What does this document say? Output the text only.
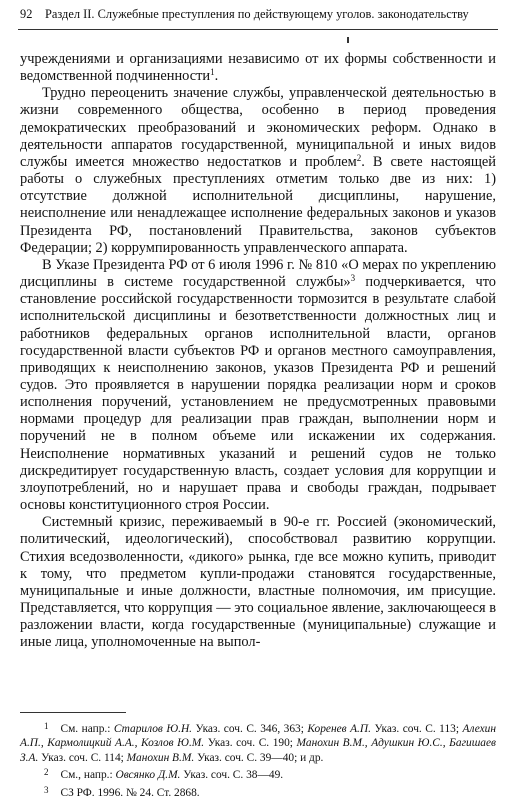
92 Раздел II. Служебные преступления по действующему уголов. законодательству

учреждениями и организациями независимо от их формы собственности и ведомственной подчиненности$^1$.

Трудно переоценить значение службы, управленческой деятельностью в жизни современного общества, особенно в период проведения демократических преобразований и экономических реформ. Однако в деятельности аппаратов государственной, муниципальной и иных видов службы имеется множество недостатков и проблем$^2$. В свете настоящей работы о служебных преступлениях отметим только две из них: 1) отсутствие должной исполнительной дисциплины, нарушение, неисполнение или ненадлежащее исполнение федеральных законов и указов Президента РФ, постановлений Правительства, законов субъектов Федерации; 2) коррумпированность управленческого аппарата.

В Указе Президента РФ от 6 июля 1996 г. № 810 «О мерах по укреплению дисциплины в системе государственной службы»$^3$ подчеркивается, что становление российской государственности тормозится в результате слабой исполнительской дисциплины и безответственности должностных лиц и работников федеральных органов исполнительной власти, органов государственной власти субъектов РФ и органов местного самоуправления, приводящих к неисполнению законов, указов Президента РФ и решений судов. Это проявляется в нарушении порядка реализации норм и сроков исполнения поручений, установлением не предусмотренных правовыми нормами процедур для реализации прав граждан, выполнении норм и поручений не в полном объеме или искажении их содержания. Неисполнение нормативных указаний и решений судов не только дискредитирует государственную власть, создает условия для коррупции и злоупотреблений, но и нарушает права и свободы граждан, подрывает основы конституционного строя России.

Системный кризис, переживаемый в 90-е гг. Россией (экономический, политический, идеологический), способствовал развитию коррупции. Стихия вседозволенности, «дикого» рынка, где все можно купить, приводит к тому, что предметом купли-продажи становятся государственные, муниципальные и иные должности, властные полномочия, им присущие. Представляется, что коррупция — это социальное явление, заключающееся в разложении власти, когда государственные (муниципальные) служащие и иные лица, уполномоченные на выпол-

$^1$ См. напр.: Старилов Ю.Н. Указ. соч. С. 346, 363; Коренев А.П. Указ. соч. С. 113; Алехин А.П., Кармолицкий А.А., Козлов Ю.М. Указ. соч. С. 190; Манохин В.М., Адушкин Ю.С., Багишаев З.А. Указ. соч. С. 114; Манохин В.М. Указ. соч. С. 39—40; и др.
$^2$ См., напр.: Овсянко Д.М. Указ. соч. С. 38—49.
$^3$ СЗ РФ. 1996. № 24. Ст. 2868.
